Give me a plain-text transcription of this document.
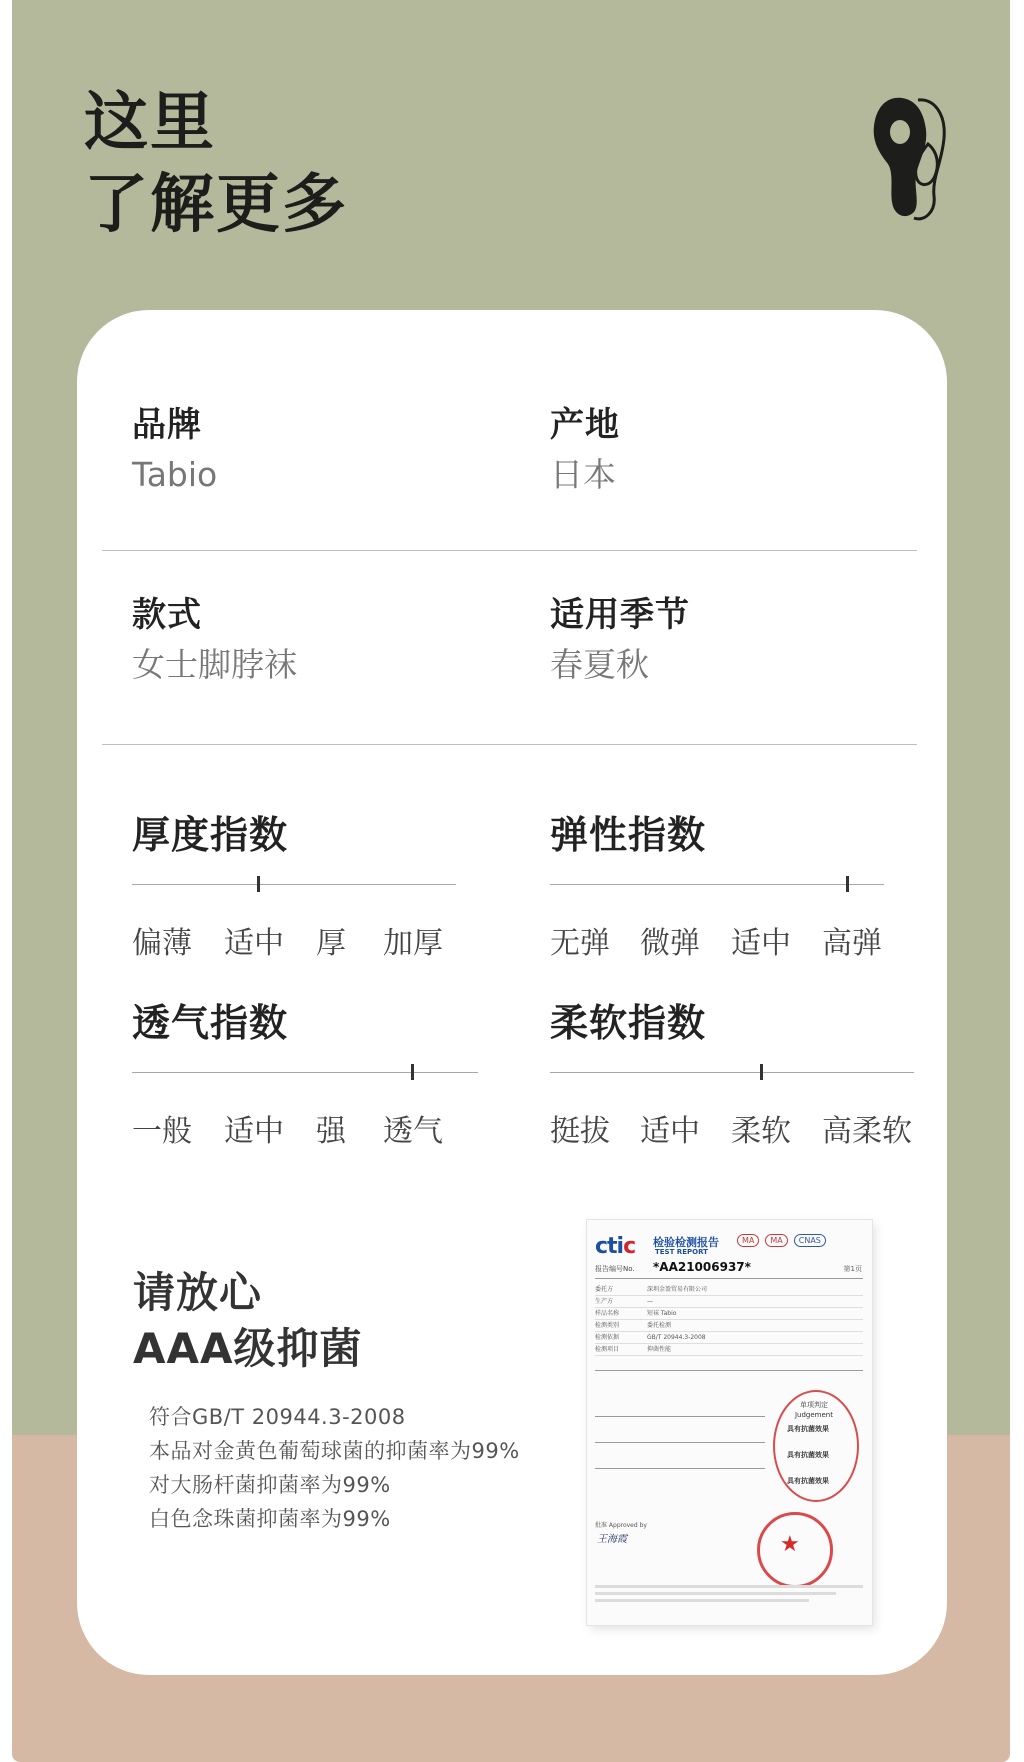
这里
了解更多
品牌
Tabio
产地
日本
款式
女士脚脖袜
适用季节
春夏秋
厚度指数
偏薄 适中 厚 加厚
弹性指数
无弹 微弹 适中 高弹
透气指数
一般 适中 强 透气
柔软指数
挺拔 适中 柔软 高柔软
请放心
AAA级抑菌
符合GB/T 20944.3-2008
本品对金黄色葡萄球菌的抑菌率为99%
对大肠杆菌抑菌率为99%
白色念珠菌抑菌率为99%
ctic 检验检测报告
TEST REPORT
MA	MA	CNAS
报告编号No. *AA21006937*	第1页
委托方	深圳金盈贸易有限公司
生产方	—
样品名称	短袜 Tabio
检测类别	委托检测
检测依据	GB/T 20944.3-2008
检测项目	抑菌性能
单项判定 Judgement
具有抗菌效果
具有抗菌效果
具有抗菌效果
批准 Approved by
王海霞	★
